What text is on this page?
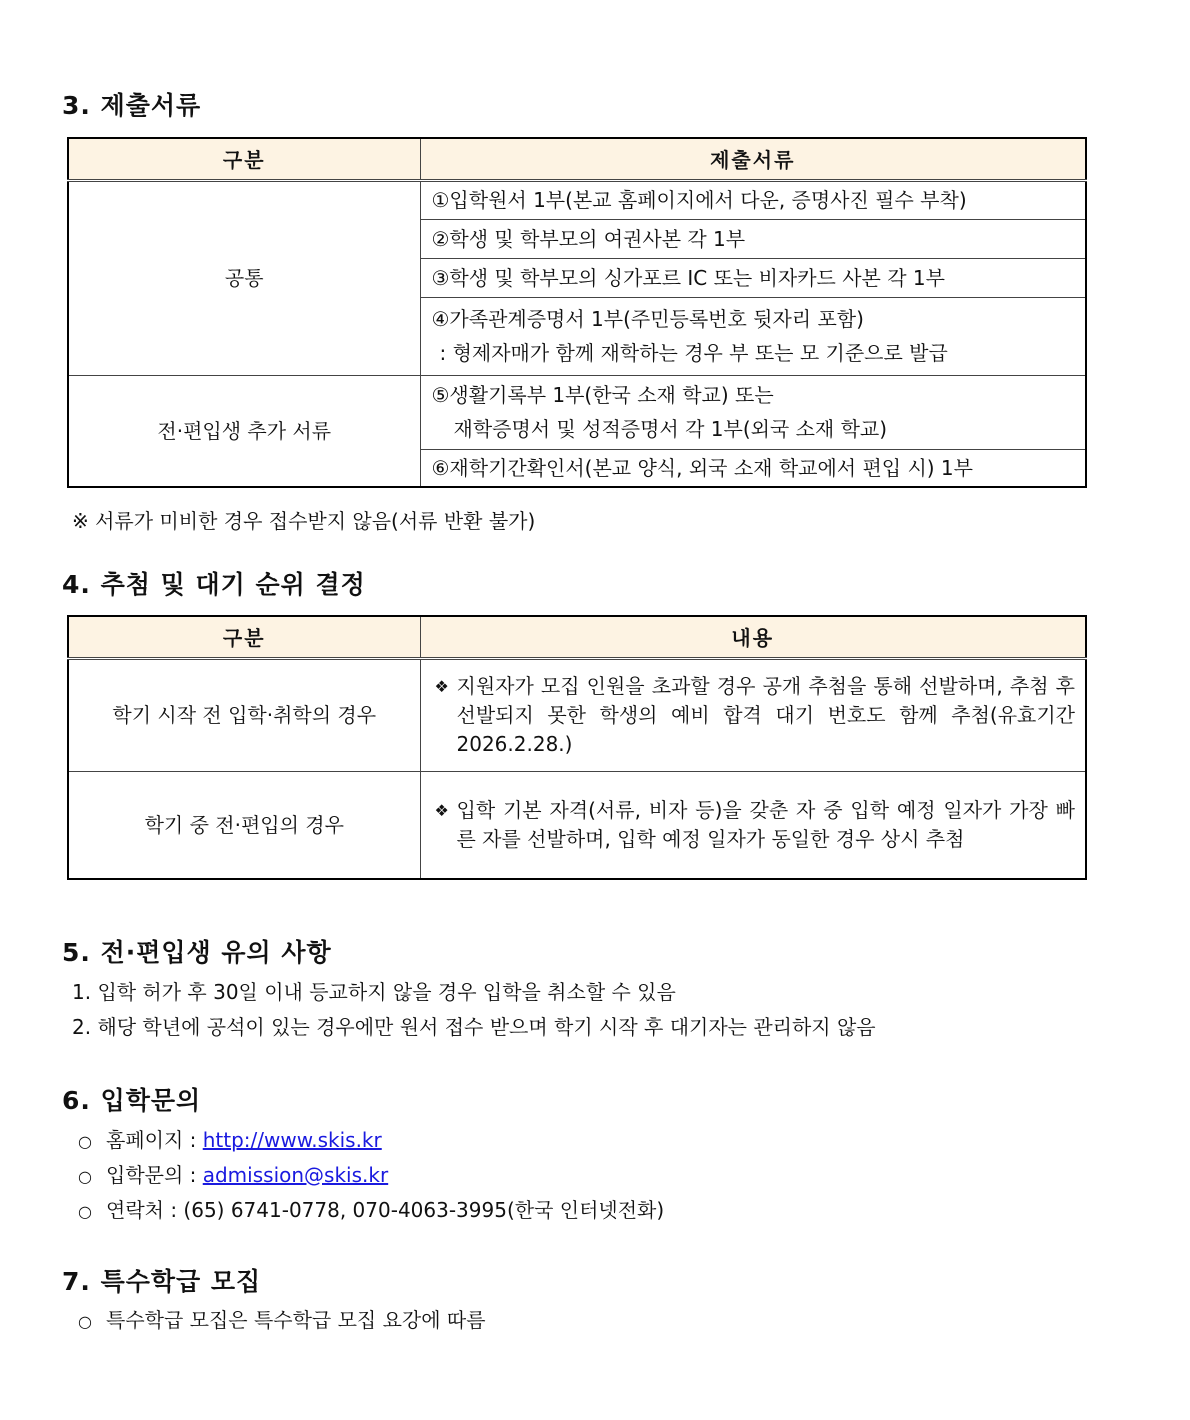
3. 제출서류
구분	제출서류
공통	①입학원서 1부(본교 홈페이지에서 다운, 증명사진 필수 부착)

	②학생 및 학부모의 여권사본 각 1부

	③학생 및 학부모의 싱가포르 IC 또는 비자카드 사본 각 1부

	④가족관계증명서 1부(주민등록번호 뒷자리 포함)
: 형제자매가 함께 재학하는 경우 부 또는 모 기준으로 발급

전·편입생 추가 서류	⑤생활기록부 1부(한국 소재 학교) 또는
재학증명서 및 성적증명서 각 1부(외국 소재 학교)

	⑥재학기간확인서(본교 양식, 외국 소재 학교에서 편입 시) 1부
※ 서류가 미비한 경우 접수받지 않음(서류 반환 불가)
4. 추첨 및 대기 순위 결정
구분	내용
학기 시작 전 입학·취학의 경우	❖ 지원자가 모집 인원을 초과할 경우 공개 추첨을 통해 선발하며, 추첨 후 선발되지 못한 학생의 예비 합격 대기 번호도 함께 추첨(유효기간 2026.2.28.)

학기 중 전·편입의 경우	❖ 입학 기본 자격(서류, 비자 등)을 갖춘 자 중 입학 예정 일자가 가장 빠른 자를 선발하며, 입학 예정 일자가 동일한 경우 상시 추첨
5. 전·편입생 유의 사항
1. 입학 허가 후 30일 이내 등교하지 않을 경우 입학을 취소할 수 있음
2. 해당 학년에 공석이 있는 경우에만 원서 접수 받으며 학기 시작 후 대기자는 관리하지 않음
6. 입학문의
○ 홈페이지 : http://www.skis.kr
○ 입학문의 : admission@skis.kr
○ 연락처 : (65) 6741-0778, 070-4063-3995(한국 인터넷전화)
7. 특수학급 모집
○ 특수학급 모집은 특수학급 모집 요강에 따름
